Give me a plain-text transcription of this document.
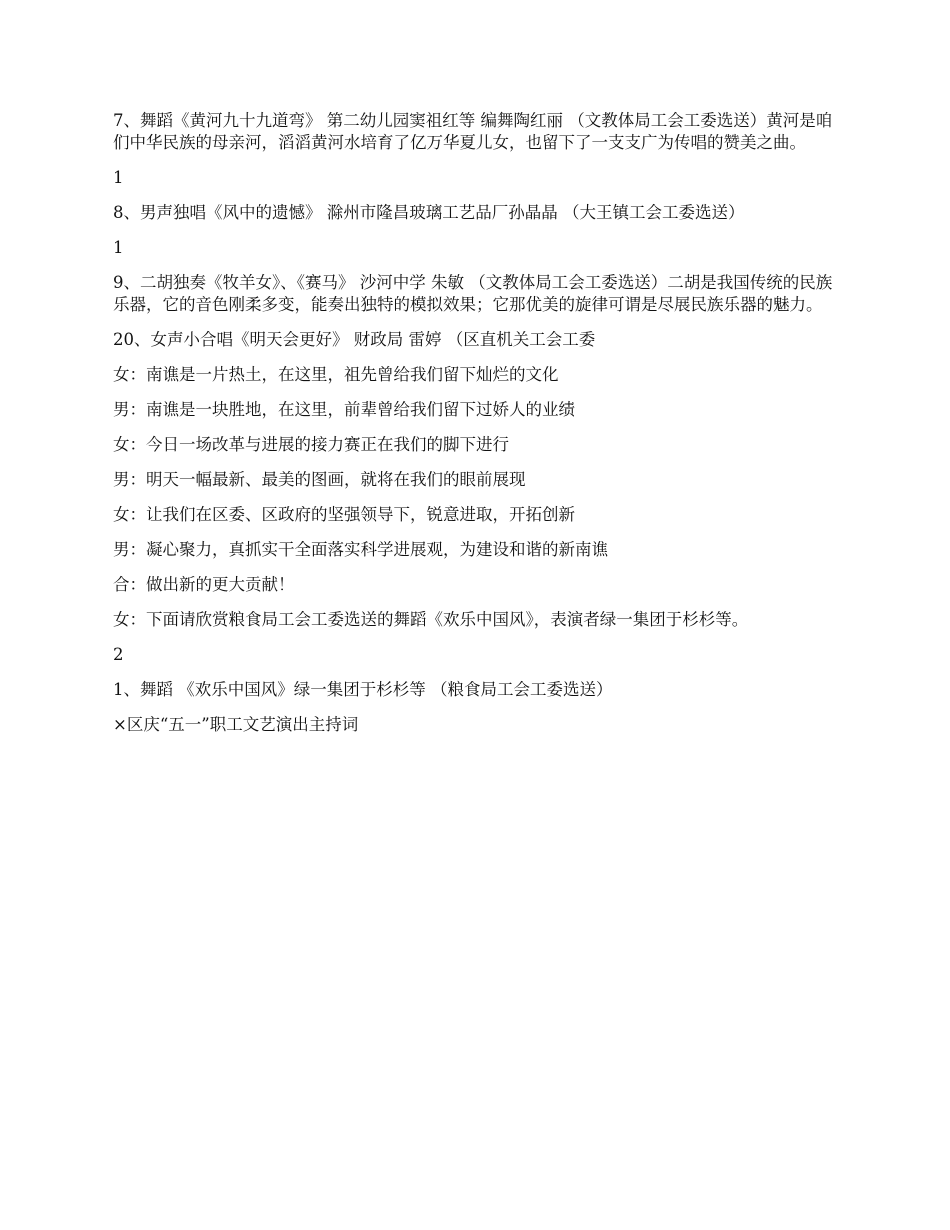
7、舞蹈《黄河九十九道弯》 第二幼儿园窦祖红等 编舞陶红丽 （文教体局工会工委选送）黄河是咱们中华民族的母亲河，滔滔黄河水培育了亿万华夏儿女，也留下了一支支广为传唱的赞美之曲。

1

8、男声独唱《风中的遗憾》 滁州市隆昌玻璃工艺品厂孙晶晶 （大王镇工会工委选送）

1

9、二胡独奏《牧羊女》、《赛马》 沙河中学 朱敏 （文教体局工会工委选送）二胡是我国传统的民族乐器，它的音色刚柔多变，能奏出独特的模拟效果；它那优美的旋律可谓是尽展民族乐器的魅力。

20、女声小合唱《明天会更好》 财政局 雷婷 （区直机关工会工委

女：南谯是一片热土，在这里，祖先曾给我们留下灿烂的文化

男：南谯是一块胜地，在这里，前辈曾给我们留下过娇人的业绩

女：今日一场改革与进展的接力赛正在我们的脚下进行

男：明天一幅最新、最美的图画，就将在我们的眼前展现

女：让我们在区委、区政府的坚强领导下，锐意进取，开拓创新

男：凝心聚力，真抓实干全面落实科学进展观，为建设和谐的新南谯

合：做出新的更大贡献！

女：下面请欣赏粮食局工会工委选送的舞蹈《欢乐中国风》，表演者绿一集团于杉杉等。

2

1、舞蹈 《欢乐中国风》绿一集团于杉杉等 （粮食局工会工委选送）

×区庆“五一”职工文艺演出主持词
